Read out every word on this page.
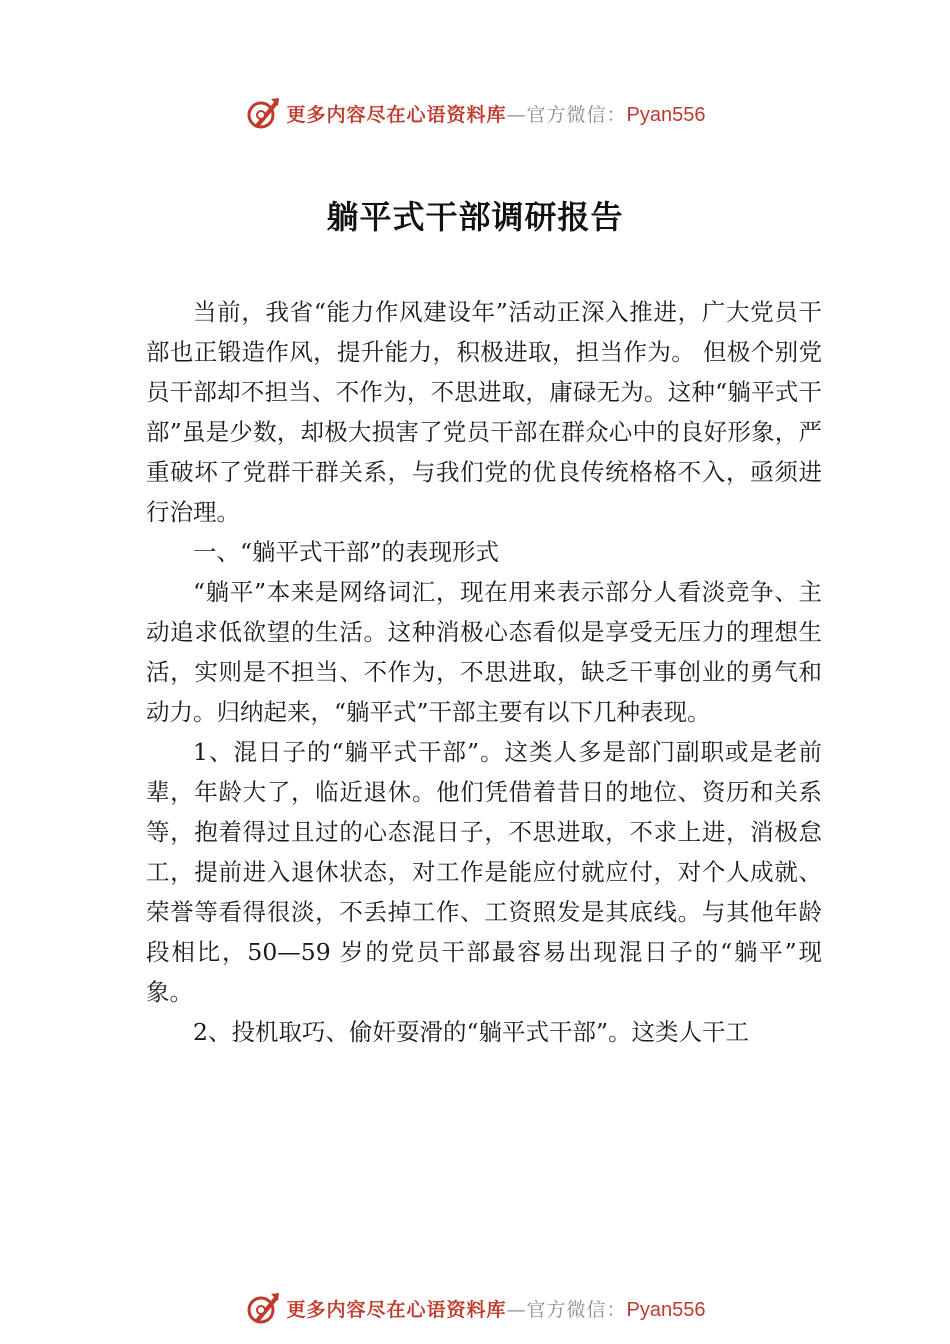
更多内容尽在心语资料库—官方微信：Pyan556
躺平式干部调研报告

当前，我省“能力作风建设年”活动正深入推进，广大党员干部也正锻造作风，提升能力，积极进取，担当作为。 但极个别党员干部却不担当、不作为，不思进取，庸碌无为。这种“躺平式干部”虽是少数，却极大损害了党员干部在群众心中的良好形象，严重破坏了党群干群关系，与我们党的优良传统格格不入，亟须进行治理。

一、“躺平式干部”的表现形式

“躺平”本来是网络词汇，现在用来表示部分人看淡竞争、主动追求低欲望的生活。这种消极心态看似是享受无压力的理想生活，实则是不担当、不作为，不思进取，缺乏干事创业的勇气和动力。归纳起来，“躺平式”干部主要有以下几种表现。

1、混日子的“躺平式干部”。这类人多是部门副职或是老前辈，年龄大了，临近退休。他们凭借着昔日的地位、资历和关系等，抱着得过且过的心态混日子，不思进取，不求上进，消极怠工，提前进入退休状态，对工作是能应付就应付，对个人成就、荣誉等看得很淡，不丢掉工作、工资照发是其底线。与其他年龄段相比，50—59 岁的党员干部最容易出现混日子的“躺平”现象。

2、投机取巧、偷奸耍滑的“躺平式干部”。这类人干工

更多内容尽在心语资料库—官方微信：Pyan556
